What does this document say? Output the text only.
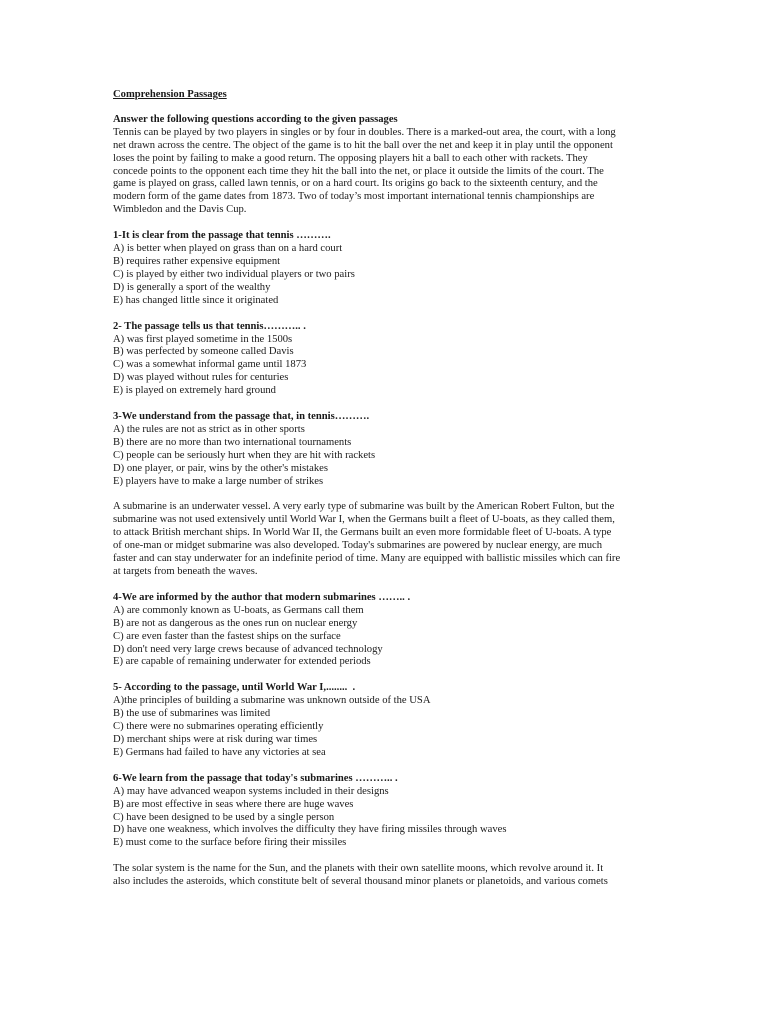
Comprehension Passages
Answer the following questions according to the given passages
Tennis can be played by two players in singles or by four in doubles. There is a marked-out area, the court, with a long
net drawn across the centre. The object of the game is to hit the ball over the net and keep it in play until the opponent
loses the point by failing to make a good return. The opposing players hit a ball to each other with rackets. They
concede points to the opponent each time they hit the ball into the net, or place it outside the limits of the court. The
game is played on grass, called lawn tennis, or on a hard court. Its origins go back to the sixteenth century, and the
modern form of the game dates from 1873. Two of today’s most important international tennis championships are
Wimbledon and the Davis Cup.
1-It is clear from the passage that tennis ……….
A) is better when played on grass than on a hard court
B) requires rather expensive equipment
C) is played by either two individual players or two pairs
D) is generally a sport of the wealthy
E) has changed little since it originated
2- The passage tells us that tennis……….. .
A) was first played sometime in the 1500s
B) was perfected by someone called Davis
C) was a somewhat informal game until 1873
D) was played without rules for centuries
E) is played on extremely hard ground
3-We understand from the passage that, in tennis……….
A) the rules are not as strict as in other sports
B) there are no more than two international tournaments
C) people can be seriously hurt when they are hit with rackets
D) one player, or pair, wins by the other's mistakes
E) players have to make a large number of strikes
A submarine is an underwater vessel. A very early type of submarine was built by the American Robert Fulton, but the
submarine was not used extensively until World War I, when the Germans built a fleet of U-boats, as they called them,
to attack British merchant ships. In World War II, the Germans built an even more formidable fleet of U-boats. A type
of one-man or midget submarine was also developed. Today's submarines are powered by nuclear energy, are much
faster and can stay underwater for an indefinite period of time. Many are equipped with ballistic missiles which can fire
at targets from beneath the waves.
4-We are informed by the author that modern submarines …….. .
A) are commonly known as U-boats, as Germans call them
B) are not as dangerous as the ones run on nuclear energy
C) are even faster than the fastest ships on the surface
D) don't need very large crews because of advanced technology
E) are capable of remaining underwater for extended periods
5- According to the passage, until World War I,........  .
A)the principles of building a submarine was unknown outside of the USA
B) the use of submarines was limited
C) there were no submarines operating efficiently
D) merchant ships were at risk during war times
E) Germans had failed to have any victories at sea
6-We learn from the passage that today's submarines ……….. .
A) may have advanced weapon systems included in their designs
B) are most effective in seas where there are huge waves
C) have been designed to be used by a single person
D) have one weakness, which involves the difficulty they have firing missiles through waves
E) must come to the surface before firing their missiles
The solar system is the name for the Sun, and the planets with their own satellite moons, which revolve around it. It
also includes the asteroids, which constitute belt of several thousand minor planets or planetoids, and various comets
